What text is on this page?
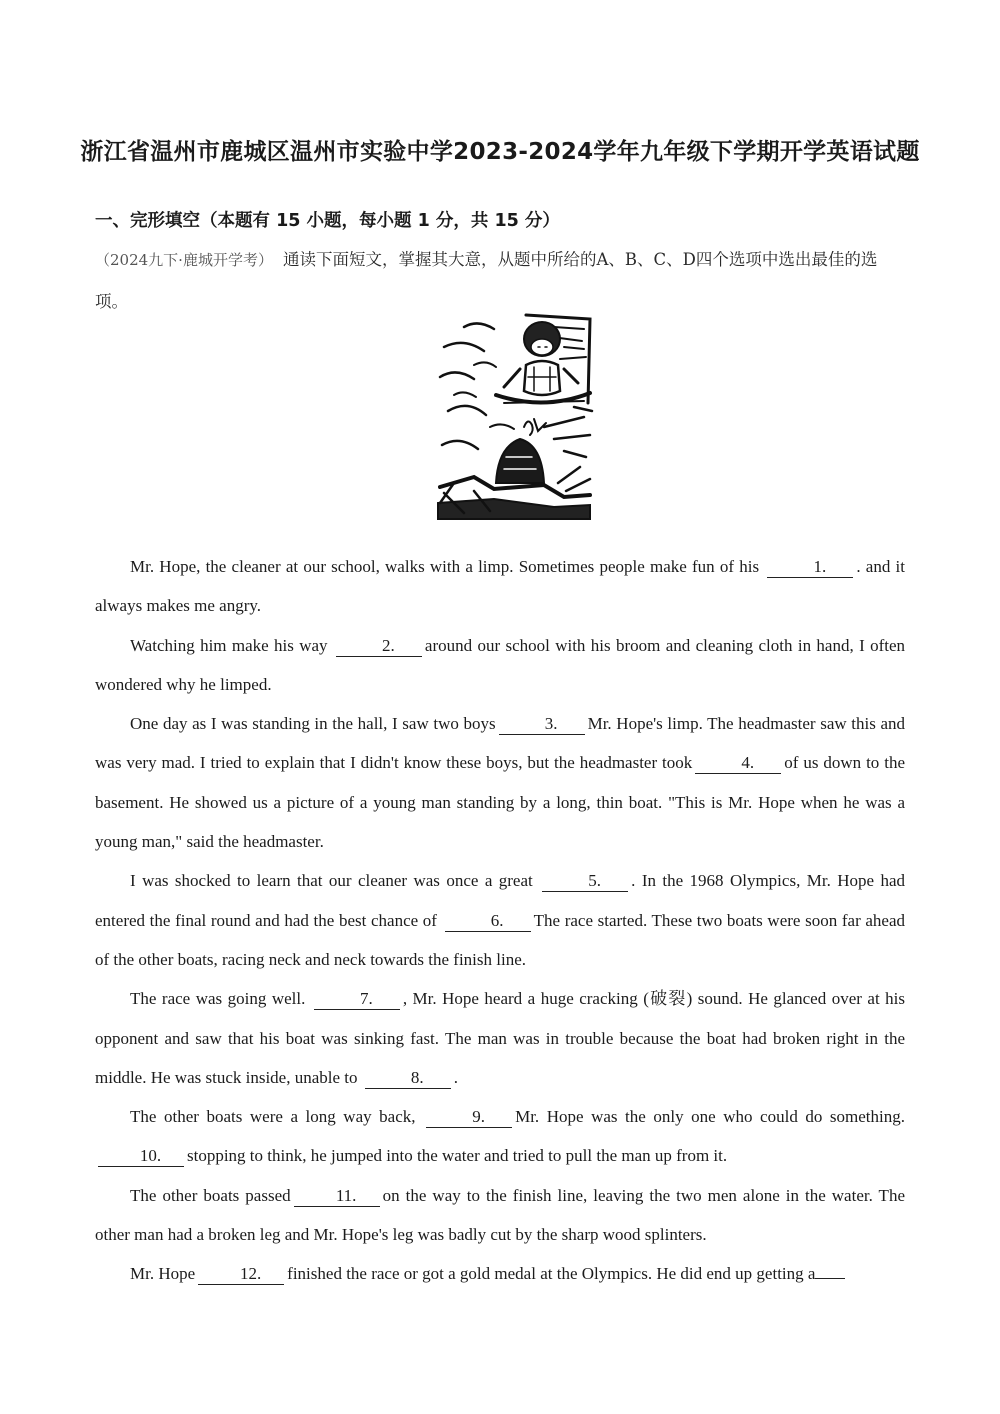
浙江省温州市鹿城区温州市实验中学2023-2024学年九年级下学期开学英语试题
一、完形填空（本题有 15 小题，每小题 1 分，共 15 分）
（2024九下·鹿城开学考） 通读下面短文，掌握其大意，从题中所给的A、B、C、D四个选项中选出最佳的选项。

Mr. Hope, the cleaner at our school, walks with a limp. Sometimes people make fun of his	1. . and it always makes me angry.

Watching him make his way	2. around our school with his broom and cleaning cloth in hand, I often wondered why he limped.

One day as I was standing in the hall, I saw two boys	3. Mr. Hope's limp. The headmaster saw this and was very mad. I tried to explain that I didn't know these boys, but the headmaster took	4. of us down to the basement. He showed us a picture of a young man standing by a long, thin boat. "This is Mr. Hope when he was a young man," said the headmaster.

I was shocked to learn that our cleaner was once a great	5. . In the 1968 Olympics, Mr. Hope had entered the final round and had the best chance of	6. The race started. These two boats were soon far ahead of the other boats, racing neck and neck towards the finish line.

The race was going well.	7. , Mr. Hope heard a huge cracking (破裂) sound. He glanced over at his opponent and saw that his boat was sinking fast. The man was in trouble because the boat had broken right in the middle. He was stuck inside, unable to	8. .

The other boats were a long way back,	9. Mr. Hope was the only one who could do something. 10. stopping to think, he jumped into the water and tried to pull the man up from it.

The other boats passed	11. on the way to the finish line, leaving the two men alone in the water. The other man had a broken leg and Mr. Hope's leg was badly cut by the sharp wood splinters.

Mr. Hope	12. finished the race or got a gold medal at the Olympics. He did end up getting a
